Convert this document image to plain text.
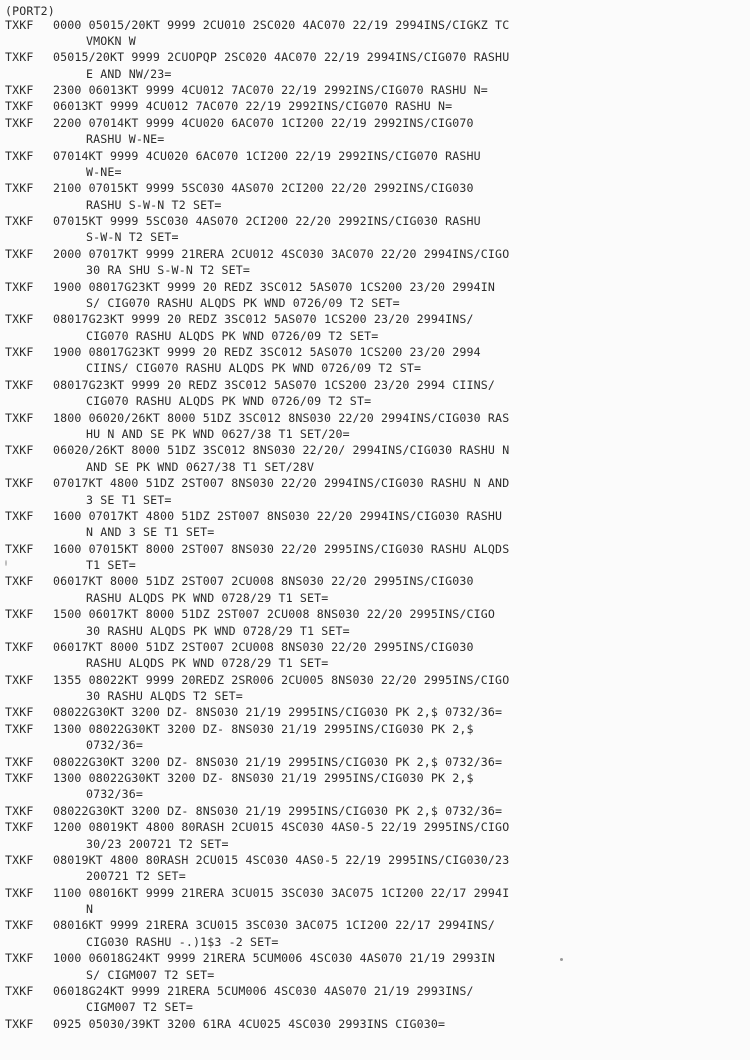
(PORT2)
TXKF 0000 05015/20KT 9999 2CU010 2SC020 4AC070 22/19 2994INS/CIGKZ TC
VMOKN W
TXKF 05015/20KT 9999 2CUOPQP 2SC020 4AC070 22/19 2994INS/CIG070 RASHU
E AND NW/23=
TXKF 2300 06013KT 9999 4CU012 7AC070 22/19 2992INS/CIG070 RASHU N=
TXKF 06013KT 9999 4CU012 7AC070 22/19 2992INS/CIG070 RASHU N=
TXKF 2200 07014KT 9999 4CU020 6AC070 1CI200 22/19 2992INS/CIG070
RASHU W-NE=
TXKF 07014KT 9999 4CU020 6AC070 1CI200 22/19 2992INS/CIG070 RASHU
W-NE=
TXKF 2100 07015KT 9999 5SC030 4AS070 2CI200 22/20 2992INS/CIG030
RASHU S-W-N T2 SET=
TXKF 07015KT 9999 5SC030 4AS070 2CI200 22/20 2992INS/CIG030 RASHU
S-W-N T2 SET=
TXKF 2000 07017KT 9999 21RERA 2CU012 4SC030 3AC070 22/20 2994INS/CIGO
30 RA SHU S-W-N T2 SET=
TXKF 1900 08017G23KT 9999 20 REDZ 3SC012 5AS070 1CS200 23/20 2994IN
S/ CIG070 RASHU ALQDS PK WND 0726/09 T2 SET=
TXKF 08017G23KT 9999 20 REDZ 3SC012 5AS070 1CS200 23/20 2994INS/
CIG070 RASHU ALQDS PK WND 0726/09 T2 SET=
TXKF 1900 08017G23KT 9999 20 REDZ 3SC012 5AS070 1CS200 23/20 2994
CIINS/ CIG070 RASHU ALQDS PK WND 0726/09 T2 ST=
TXKF 08017G23KT 9999 20 REDZ 3SC012 5AS070 1CS200 23/20 2994 CIINS/
CIG070 RASHU ALQDS PK WND 0726/09 T2 ST=
TXKF 1800 06020/26KT 8000 51DZ 3SC012 8NS030 22/20 2994INS/CIG030 RAS
HU N AND SE PK WND 0627/38 T1 SET/20=
TXKF 06020/26KT 8000 51DZ 3SC012 8NS030 22/20/ 2994INS/CIG030 RASHU N
AND SE PK WND 0627/38 T1 SET/28V
TXKF 07017KT 4800 51DZ 2ST007 8NS030 22/20 2994INS/CIG030 RASHU N AND
3 SE T1 SET=
TXKF 1600 07017KT 4800 51DZ 2ST007 8NS030 22/20 2994INS/CIG030 RASHU
N AND 3 SE T1 SET=
TXKF 1600 07015KT 8000 2ST007 8NS030 22/20 2995INS/CIG030 RASHU ALQDS
T1 SET=
TXKF 06017KT 8000 51DZ 2ST007 2CU008 8NS030 22/20 2995INS/CIG030
RASHU ALQDS PK WND 0728/29 T1 SET=
TXKF 1500 06017KT 8000 51DZ 2ST007 2CU008 8NS030 22/20 2995INS/CIGO
30 RASHU ALQDS PK WND 0728/29 T1 SET=
TXKF 06017KT 8000 51DZ 2ST007 2CU008 8NS030 22/20 2995INS/CIG030
RASHU ALQDS PK WND 0728/29 T1 SET=
TXKF 1355 08022KT 9999 20REDZ 2SR006 2CU005 8NS030 22/20 2995INS/CIGO
30 RASHU ALQDS T2 SET=
TXKF 08022G30KT 3200 DZ- 8NS030 21/19 2995INS/CIG030 PK 2,$ 0732/36=
TXKF 1300 08022G30KT 3200 DZ- 8NS030 21/19 2995INS/CIG030 PK 2,$
0732/36=
TXKF 08022G30KT 3200 DZ- 8NS030 21/19 2995INS/CIG030 PK 2,$ 0732/36=
TXKF 1300 08022G30KT 3200 DZ- 8NS030 21/19 2995INS/CIG030 PK 2,$
0732/36=
TXKF 08022G30KT 3200 DZ- 8NS030 21/19 2995INS/CIG030 PK 2,$ 0732/36=
TXKF 1200 08019KT 4800 80RASH 2CU015 4SC030 4AS0-5 22/19 2995INS/CIGO
30/23 200721 T2 SET=
TXKF 08019KT 4800 80RASH 2CU015 4SC030 4AS0-5 22/19 2995INS/CIG030/23
200721 T2 SET=
TXKF 1100 08016KT 9999 21RERA 3CU015 3SC030 3AC075 1CI200 22/17 2994I
N
TXKF 08016KT 9999 21RERA 3CU015 3SC030 3AC075 1CI200 22/17 2994INS/
CIG030 RASHU -.)1$3 -2 SET=
TXKF 1000 06018G24KT 9999 21RERA 5CUM006 4SC030 4AS070 21/19 2993IN
S/ CIGM007 T2 SET=
TXKF 06018G24KT 9999 21RERA 5CUM006 4SC030 4AS070 21/19 2993INS/
CIGM007 T2 SET=
TXKF 0925 05030/39KT 3200 61RA 4CU025 4SC030 2993INS CIG030=
